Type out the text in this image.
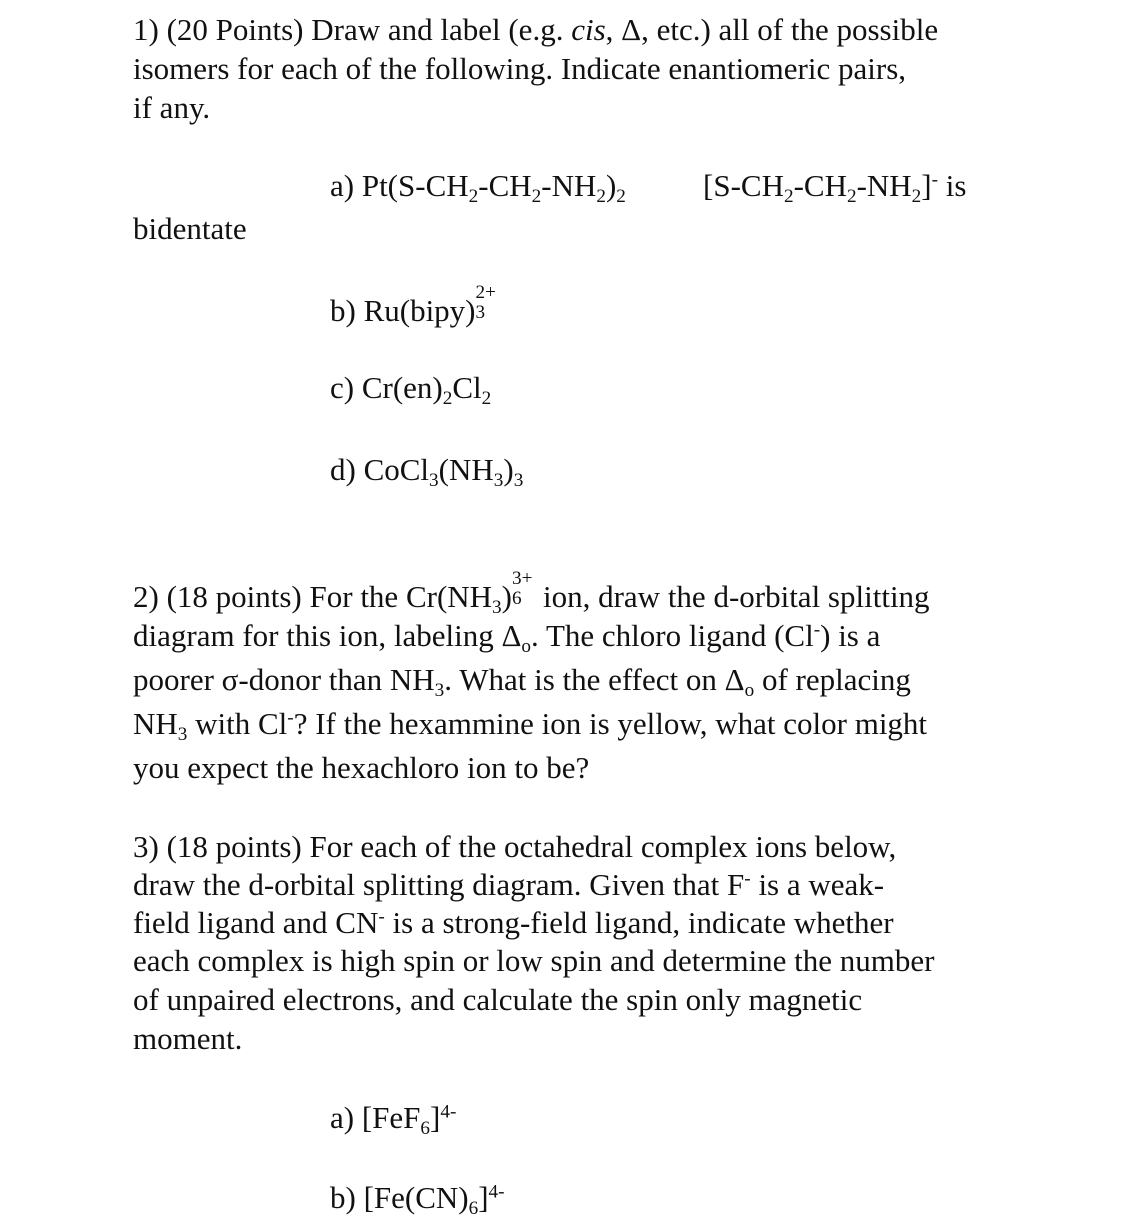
1) (20 Points) Draw and label (e.g. cis, Δ, etc.) all of the possible
isomers for each of the following. Indicate enantiomeric pairs,
if any.
a) $Pt(S-CH_2-CH_2-NH_2)_2$ $[S-CH_2-CH_2-NH_2]^-$ is
bidentate
b) Ru(bipy)
2+
3
c) $Cr(en)_2Cl_2$
d) $CoCl_3(NH_3)_3$
2) (18 points) For the $Cr(NH_3)$
3+
6 ion, draw the d-orbital splitting
diagram for this ion, labeling $\Delta_o$. The chloro ligand (Cl-) is a
poorer σ-donor than $NH_3$. What is the effect on $\Delta_o$ of replacing
$NH_3$ with Cl-? If the hexammine ion is yellow, what color might
you expect the hexachloro ion to be?
3) (18 points) For each of the octahedral complex ions below,
draw the d-orbital splitting diagram. Given that F- is a weak-
field ligand and CN- is a strong-field ligand, indicate whether
each complex is high spin or low spin and determine the number
of unpaired electrons, and calculate the spin only magnetic
moment.
a) $[FeF_6]^{4-}$
b) $[Fe(CN)_6]^{4-}$
